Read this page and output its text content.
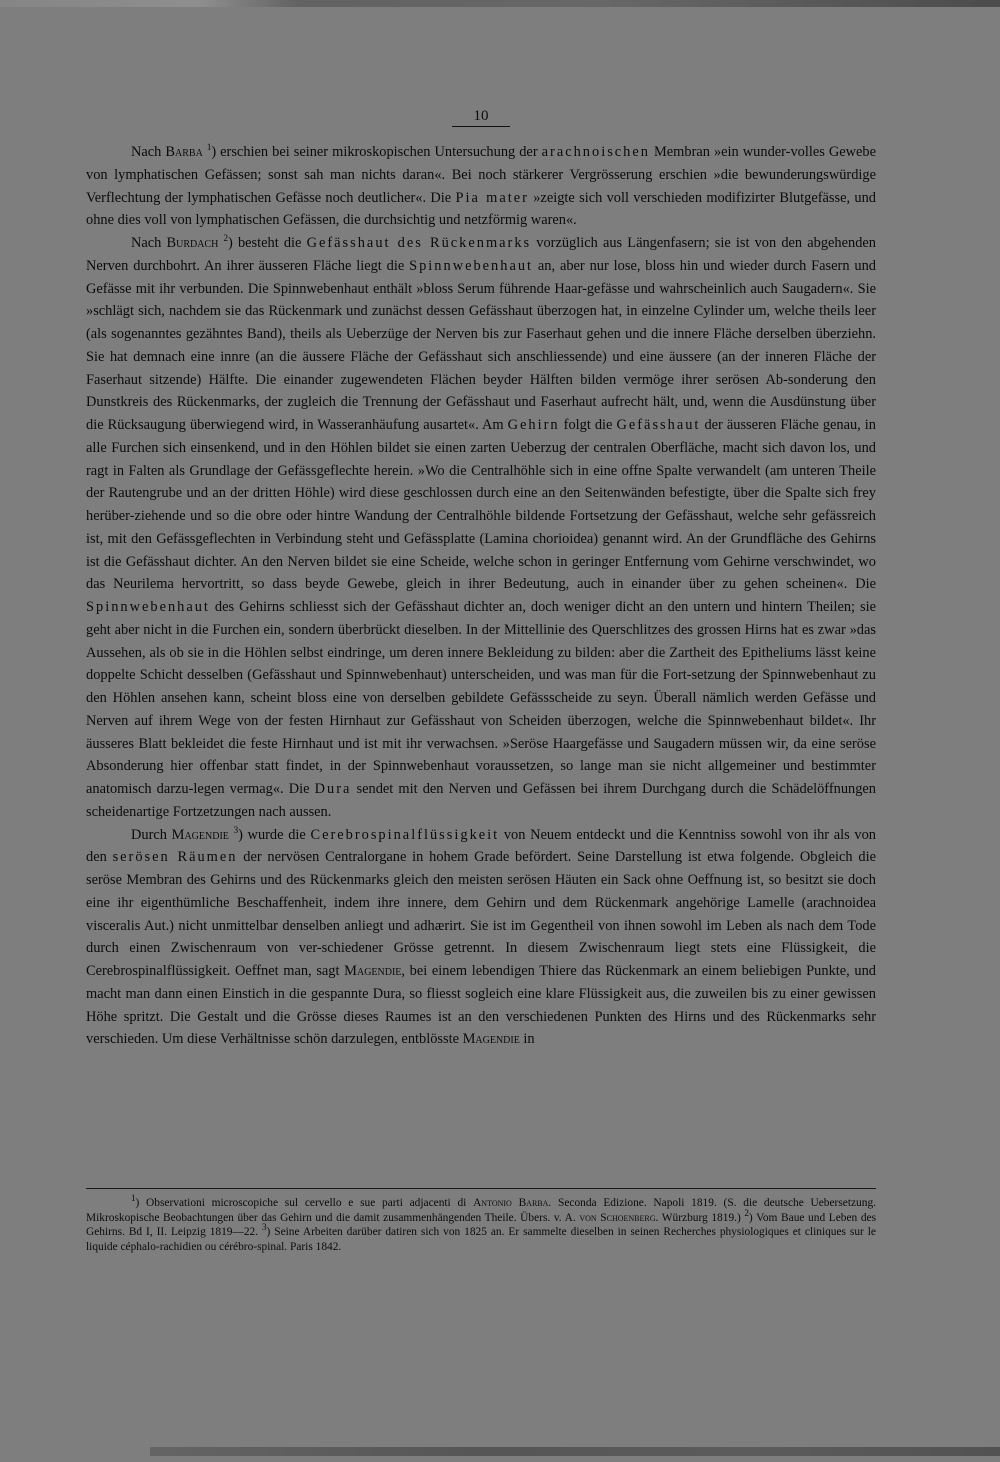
10

Nach Barba $^1$) erschien bei seiner mikroskopischen Untersuchung der arachnoischen Membran »ein wunder-volles Gewebe von lymphatischen Gefässen; sonst sah man nichts daran«. Bei noch stärkerer Vergrösserung erschien »die bewunderungswürdige Verflechtung der lymphatischen Gefässe noch deutlicher«. Die Pia mater »zeigte sich voll verschieden modifizirter Blutgefässe, und ohne dies voll von lymphatischen Gefässen, die durchsichtig und netzförmig waren«.

Nach Burdach $^2$) besteht die Gefässhaut des Rückenmarks vorzüglich aus Längenfasern; sie ist von den abgehenden Nerven durchbohrt. An ihrer äusseren Fläche liegt die Spinnwebenhaut an, aber nur lose, bloss hin und wieder durch Fasern und Gefässe mit ihr verbunden. Die Spinnwebenhaut enthält »bloss Serum führende Haar-gefässe und wahrscheinlich auch Saugadern«. Sie »schlägt sich, nachdem sie das Rückenmark und zunächst dessen Gefässhaut überzogen hat, in einzelne Cylinder um, welche theils leer (als sogenanntes gezähntes Band), theils als Ueberzüge der Nerven bis zur Faserhaut gehen und die innere Fläche derselben überziehn. Sie hat demnach eine innre (an die äussere Fläche der Gefässhaut sich anschliessende) und eine äussere (an der inneren Fläche der Faserhaut sitzende) Hälfte. Die einander zugewendeten Flächen beyder Hälften bilden vermöge ihrer serösen Ab-sonderung den Dunstkreis des Rückenmarks, der zugleich die Trennung der Gefässhaut und Faserhaut aufrecht hält, und, wenn die Ausdünstung über die Rücksaugung überwiegend wird, in Wasseranhäufung ausartet«. Am Gehirn folgt die Gefässhaut der äusseren Fläche genau, in alle Furchen sich einsenkend, und in den Höhlen bildet sie einen zarten Ueberzug der centralen Oberfläche, macht sich davon los, und ragt in Falten als Grundlage der Gefässgeflechte herein. »Wo die Centralhöhle sich in eine offne Spalte verwandelt (am unteren Theile der Rautengrube und an der dritten Höhle) wird diese geschlossen durch eine an den Seitenwänden befestigte, über die Spalte sich frey herüber-ziehende und so die obre oder hintre Wandung der Centralhöhle bildende Fortsetzung der Gefässhaut, welche sehr gefässreich ist, mit den Gefässgeflechten in Verbindung steht und Gefässplatte (Lamina chorioidea) genannt wird. An der Grundfläche des Gehirns ist die Gefässhaut dichter. An den Nerven bildet sie eine Scheide, welche schon in geringer Entfernung vom Gehirne verschwindet, wo das Neurilema hervortritt, so dass beyde Gewebe, gleich in ihrer Bedeutung, auch in einander über zu gehen scheinen«. Die Spinnwebenhaut des Gehirns schliesst sich der Gefässhaut dichter an, doch weniger dicht an den untern und hintern Theilen; sie geht aber nicht in die Furchen ein, sondern überbrückt dieselben. In der Mittellinie des Querschlitzes des grossen Hirns hat es zwar »das Aussehen, als ob sie in die Höhlen selbst eindringe, um deren innere Bekleidung zu bilden: aber die Zartheit des Epitheliums lässt keine doppelte Schicht desselben (Gefässhaut und Spinnwebenhaut) unterscheiden, und was man für die Fort-setzung der Spinnwebenhaut zu den Höhlen ansehen kann, scheint bloss eine von derselben gebildete Gefässscheide zu seyn. Überall nämlich werden Gefässe und Nerven auf ihrem Wege von der festen Hirnhaut zur Gefässhaut von Scheiden überzogen, welche die Spinnwebenhaut bildet«. Ihr äusseres Blatt bekleidet die feste Hirnhaut und ist mit ihr verwachsen. »Seröse Haargefässe und Saugadern müssen wir, da eine seröse Absonderung hier offenbar statt findet, in der Spinnwebenhaut voraussetzen, so lange man sie nicht allgemeiner und bestimmter anatomisch darzu-legen vermag«. Die Dura sendet mit den Nerven und Gefässen bei ihrem Durchgang durch die Schädelöffnungen scheidenartige Fortzetzungen nach aussen.

Durch Magendie $^3$) wurde die Cerebrospinalflüssigkeit von Neuem entdeckt und die Kenntniss sowohl von ihr als von den serösen Räumen der nervösen Centralorgane in hohem Grade befördert. Seine Darstellung ist etwa folgende. Obgleich die seröse Membran des Gehirns und des Rückenmarks gleich den meisten serösen Häuten ein Sack ohne Oeffnung ist, so besitzt sie doch eine ihr eigenthümliche Beschaffenheit, indem ihre innere, dem Gehirn und dem Rückenmark angehörige Lamelle (arachnoidea visceralis Aut.) nicht unmittelbar denselben anliegt und adhærirt. Sie ist im Gegentheil von ihnen sowohl im Leben als nach dem Tode durch einen Zwischenraum von ver-schiedener Grösse getrennt. In diesem Zwischenraum liegt stets eine Flüssigkeit, die Cerebrospinalflüssigkeit. Oeffnet man, sagt Magendie, bei einem lebendigen Thiere das Rückenmark an einem beliebigen Punkte, und macht man dann einen Einstich in die gespannte Dura, so fliesst sogleich eine klare Flüssigkeit aus, die zuweilen bis zu einer gewissen Höhe spritzt. Die Gestalt und die Grösse dieses Raumes ist an den verschiedenen Punkten des Hirns und des Rückenmarks sehr verschieden. Um diese Verhältnisse schön darzulegen, entblösste Magendie in

$^1$) Observationi microscopiche sul cervello e sue parti adjacenti di Antonio Barba. Seconda Edizione. Napoli 1819. (S. die deutsche Uebersetzung. Mikroskopische Beobachtungen über das Gehirn und die damit zusammenhängenden Theile. Übers. v. A. von Schoenberg. Würzburg 1819.) $^2$) Vom Baue und Leben des Gehirns. Bd I, II. Leipzig 1819—22. $^3$) Seine Arbeiten darüber datiren sich von 1825 an. Er sammelte dieselben in seinen Recherches physiologiques et cliniques sur le liquide céphalo-rachidien ou cérébro-spinal. Paris 1842.
